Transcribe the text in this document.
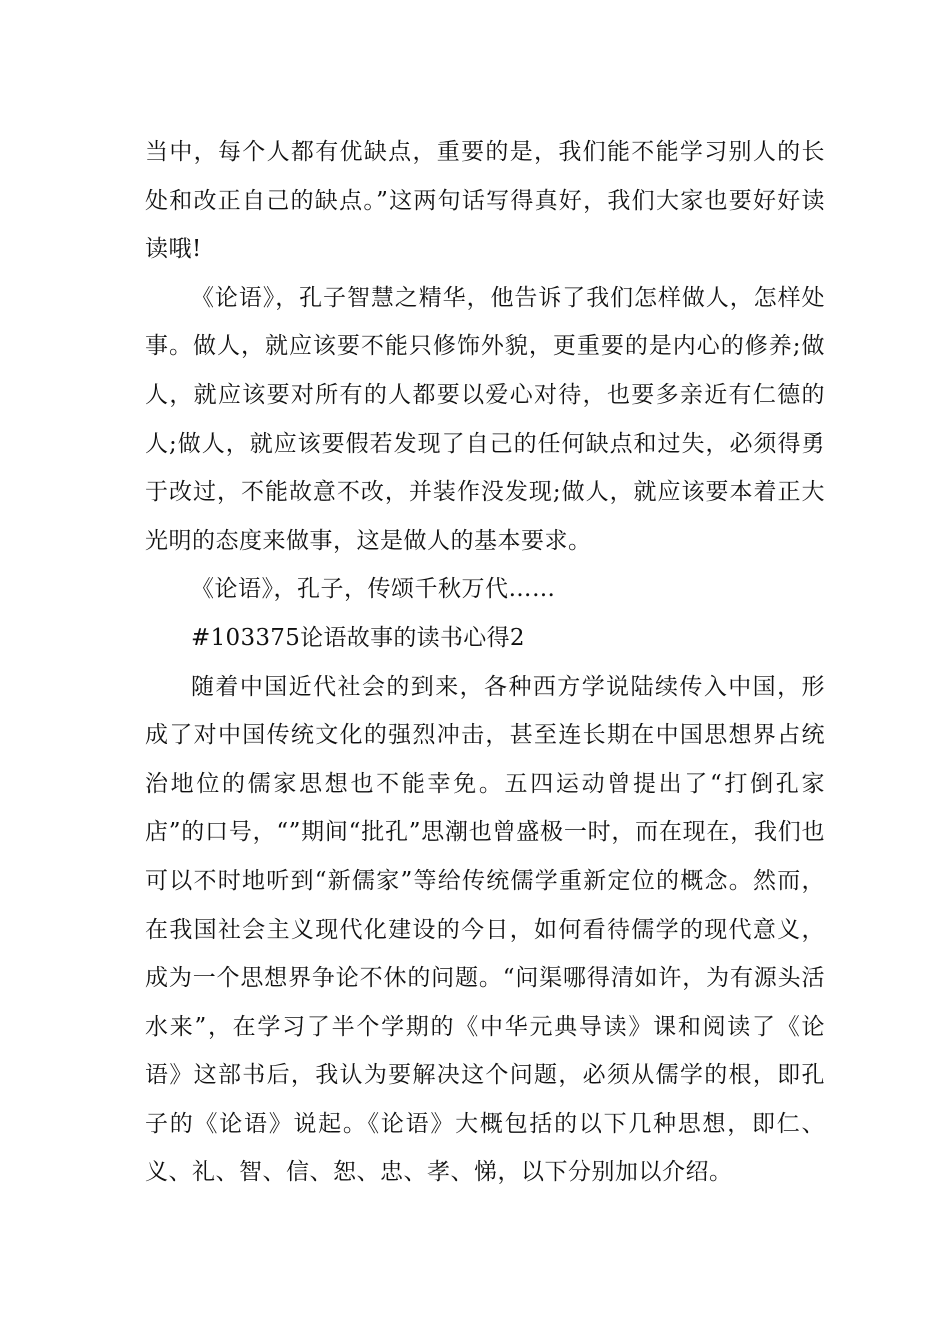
当中，每个人都有优缺点，重要的是，我们能不能学习别人的长处和改正自己的缺点。”这两句话写得真好，我们大家也要好好读读哦!

《论语》，孔子智慧之精华，他告诉了我们怎样做人，怎样处事。做人，就应该要不能只修饰外貌，更重要的是内心的修养;做人，就应该要对所有的人都要以爱心对待，也要多亲近有仁德的人;做人，就应该要假若发现了自己的任何缺点和过失，必须得勇于改过，不能故意不改，并装作没发现;做人，就应该要本着正大光明的态度来做事，这是做人的基本要求。

《论语》，孔子，传颂千秋万代……

#103375论语故事的读书心得2

随着中国近代社会的到来，各种西方学说陆续传入中国，形成了对中国传统文化的强烈冲击，甚至连长期在中国思想界占统治地位的儒家思想也不能幸免。五四运动曾提出了“打倒孔家店”的口号，“”期间“批孔”思潮也曾盛极一时，而在现在，我们也可以不时地听到“新儒家”等给传统儒学重新定位的概念。然而，在我国社会主义现代化建设的今日，如何看待儒学的现代意义，成为一个思想界争论不休的问题。“问渠哪得清如许，为有源头活水来”，在学习了半个学期的《中华元典导读》课和阅读了《论语》这部书后，我认为要解决这个问题，必须从儒学的根，即孔子的《论语》说起。《论语》大概包括的以下几种思想，即仁、义、礼、智、信、恕、忠、孝、悌，以下分别加以介绍。
